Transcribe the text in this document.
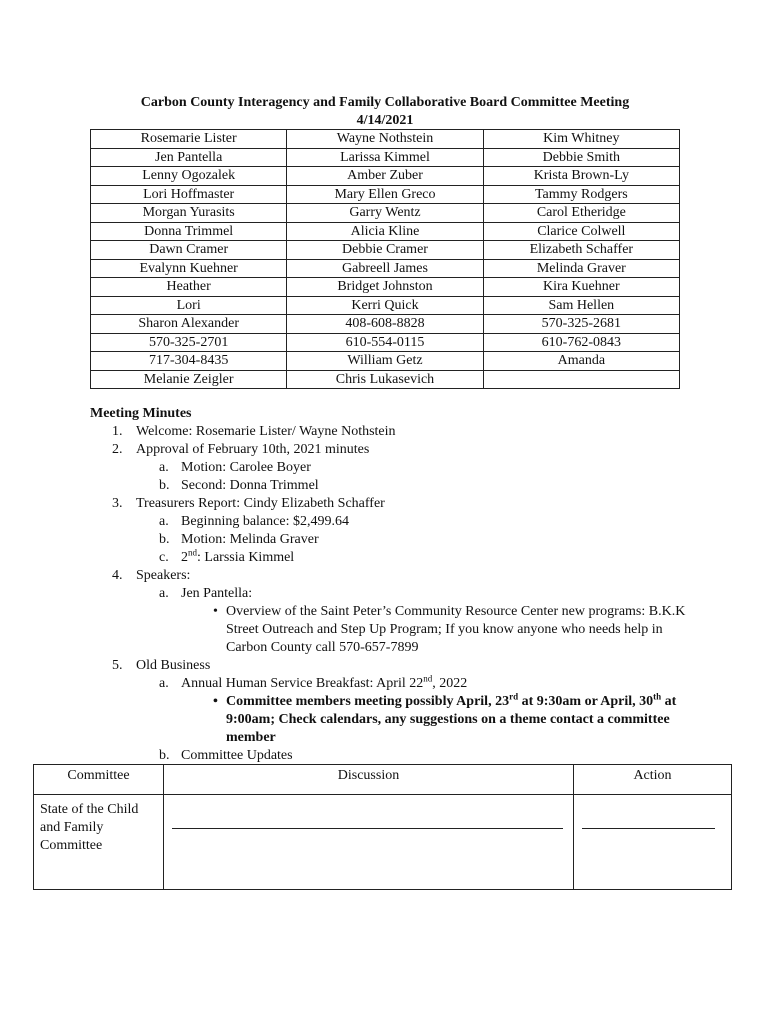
Carbon County Interagency and Family Collaborative Board Committee Meeting
4/14/2021
Rosemarie Lister	Wayne Nothstein	Kim Whitney
Jen Pantella	Larissa Kimmel	Debbie Smith
Lenny Ogozalek	Amber Zuber	Krista Brown-Ly
Lori Hoffmaster	Mary Ellen Greco	Tammy Rodgers
Morgan Yurasits	Garry Wentz	Carol Etheridge
Donna Trimmel	Alicia Kline	Clarice Colwell
Dawn Cramer	Debbie Cramer	Elizabeth Schaffer
Evalynn Kuehner	Gabreell James	Melinda Graver
Heather	Bridget Johnston	Kira Kuehner
Lori	Kerri Quick	Sam Hellen
Sharon Alexander	408-608-8828	570-325-2681
570-325-2701	610-554-0115	610-762-0843
717-304-8435	William Getz	Amanda
Melanie Zeigler	Chris Lukasevich	
Meeting Minutes
1. Welcome: Rosemarie Lister/ Wayne Nothstein
2. Approval of February 10th, 2021 minutes
a. Motion: Carolee Boyer
b. Second: Donna Trimmel
3. Treasurers Report: Cindy Elizabeth Schaffer
a. Beginning balance: $2,499.64
b. Motion: Melinda Graver
c. 2nd: Larssia Kimmel
4. Speakers:
a. Jen Pantella:
• Overview of the Saint Peter’s Community Resource Center new programs: B.K.K Street Outreach and Step Up Program; If you know anyone who needs help in Carbon County call 570-657-7899
5. Old Business
a. Annual Human Service Breakfast: April 22nd, 2022
• Committee members meeting possibly April, 23rd at 9:30am or April, 30th at 9:00am; Check calendars, any suggestions on a theme contact a committee member
b. Committee Updates
Committee	Discussion	Action
State of the Child and Family Committee	
